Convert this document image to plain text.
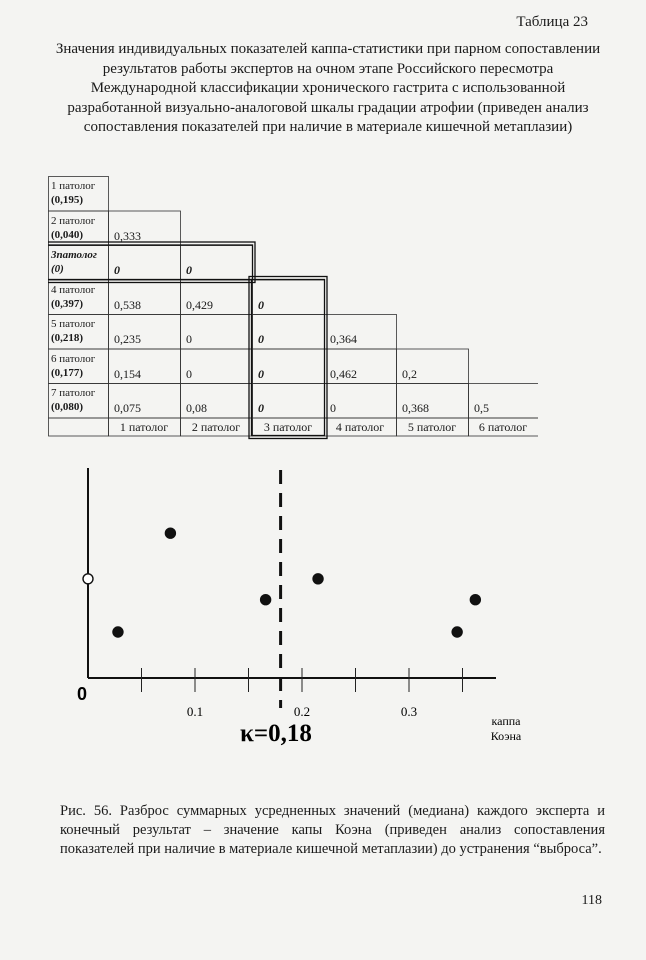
Таблица 23
Значения индивидуальных показателей каппа-статистики при парном сопоставлении результатов работы экспертов на очном этапе Российского пересмотра Международной классификации хронического гастрита с использованной разработанной визуально-аналоговой шкалы градации атрофии (приведен анализ сопоставления показателей при наличие в материале кишечной метаплазии)
1 патолог
(0,195)
2 патолог
(0,040)	0,333
3патолог
(0)	0	0
4 патолог
(0,397)	0,538	0,429	0
5 патолог
(0,218)	0,235	0	0	0,364
6 патолог
(0,177)	0,154	0	0	0,462	0,2
7 патолог
(0,080)	0,075	0,08	0	0	0,368	0,5
1 патолог	2 патолог	3 патолог	4 патолог	5 патолог	6 патолог
0
κ=0,18	каппа
Коэна
0.1	0.2	0.3
Рис. 56. Разброс суммарных усредненных значений (медиана) каждого эксперта и конечный результат – значение капы Коэна (приведен анализ сопоставления показателей при наличие в материале кишечной метаплазии) до устранения “выброса”.
118
